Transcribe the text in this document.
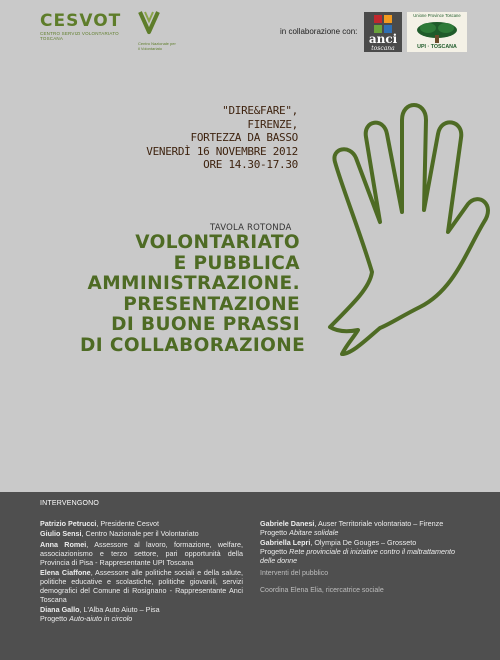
CESVOT
CENTRO SERVIZI VOLONTARIATO TOSCANA
Centro Nazionale per il Volontariato
in collaborazione con:
anci
toscana
Unione Province Toscane
UPI · TOSCANA
"DIRE&FARE",
FIRENZE,
FORTEZZA DA BASSO
VENERDÌ 16 NOVEMBRE 2012
ORE 14.30-17.30
TAVOLA ROTONDA
VOLONTARIATO
E PUBBLICA
AMMINISTRAZIONE.
PRESENTAZIONE
DI BUONE PRASSI
DI COLLABORAZIONE
INTERVENGONO
Patrizio Petrucci, Presidente Cesvot
Giulio Sensi, Centro Nazionale per il Volontariato
Anna Romei, Assessore al lavoro, formazione, welfare, associazionismo e terzo settore, pari opportunità della Provincia di Pisa - Rappresentante UPI Toscana
Elena Ciaffone, Assessore alle politiche sociali e della salute, politiche educative e scolastiche, politiche giovanili, servizi demografici del Comune di Rosignano - Rappresentante Anci Toscana
Diana Gallo, L'Alba Auto Aiuto – Pisa
Progetto Auto-aiuto in circolo
Gabriele Danesi, Auser Territoriale volontariato – Firenze
Progetto Abitare solidale
Gabriella Lepri, Olympia De Gouges – Grosseto
Progetto Rete provinciale di iniziative contro il maltrattamento delle donne
Interventi del pubblico
Coordina Elena Elia, ricercatrice sociale
